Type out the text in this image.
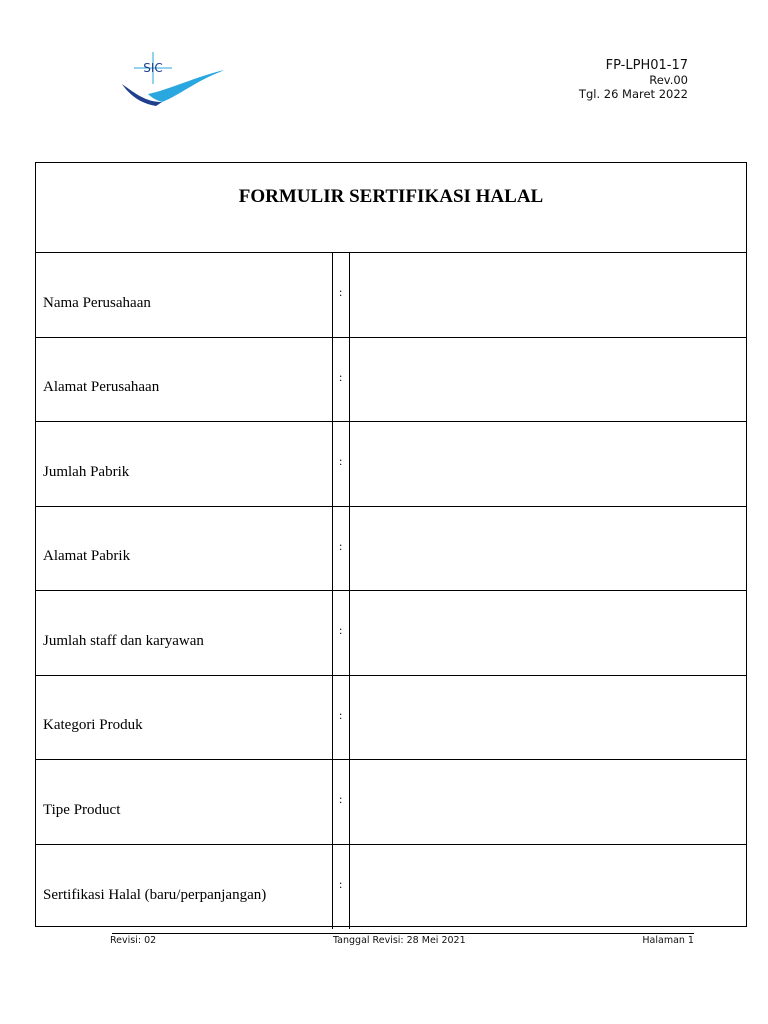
SIC	FP-LPH01-17
Rev.00
Tgl. 26 Maret 2022
FORMULIR SERTIFIKASI HALAL
Nama Perusahaan
:
Alamat Perusahaan
:
Jumlah Pabrik
:
Alamat Pabrik
:
Jumlah staff dan karyawan
:
Kategori Produk
:
Tipe Product
:
Sertifikasi Halal (baru/perpanjangan)
:
Revisi: 02	Tanggal Revisi: 28 Mei 2021	Halaman 1
